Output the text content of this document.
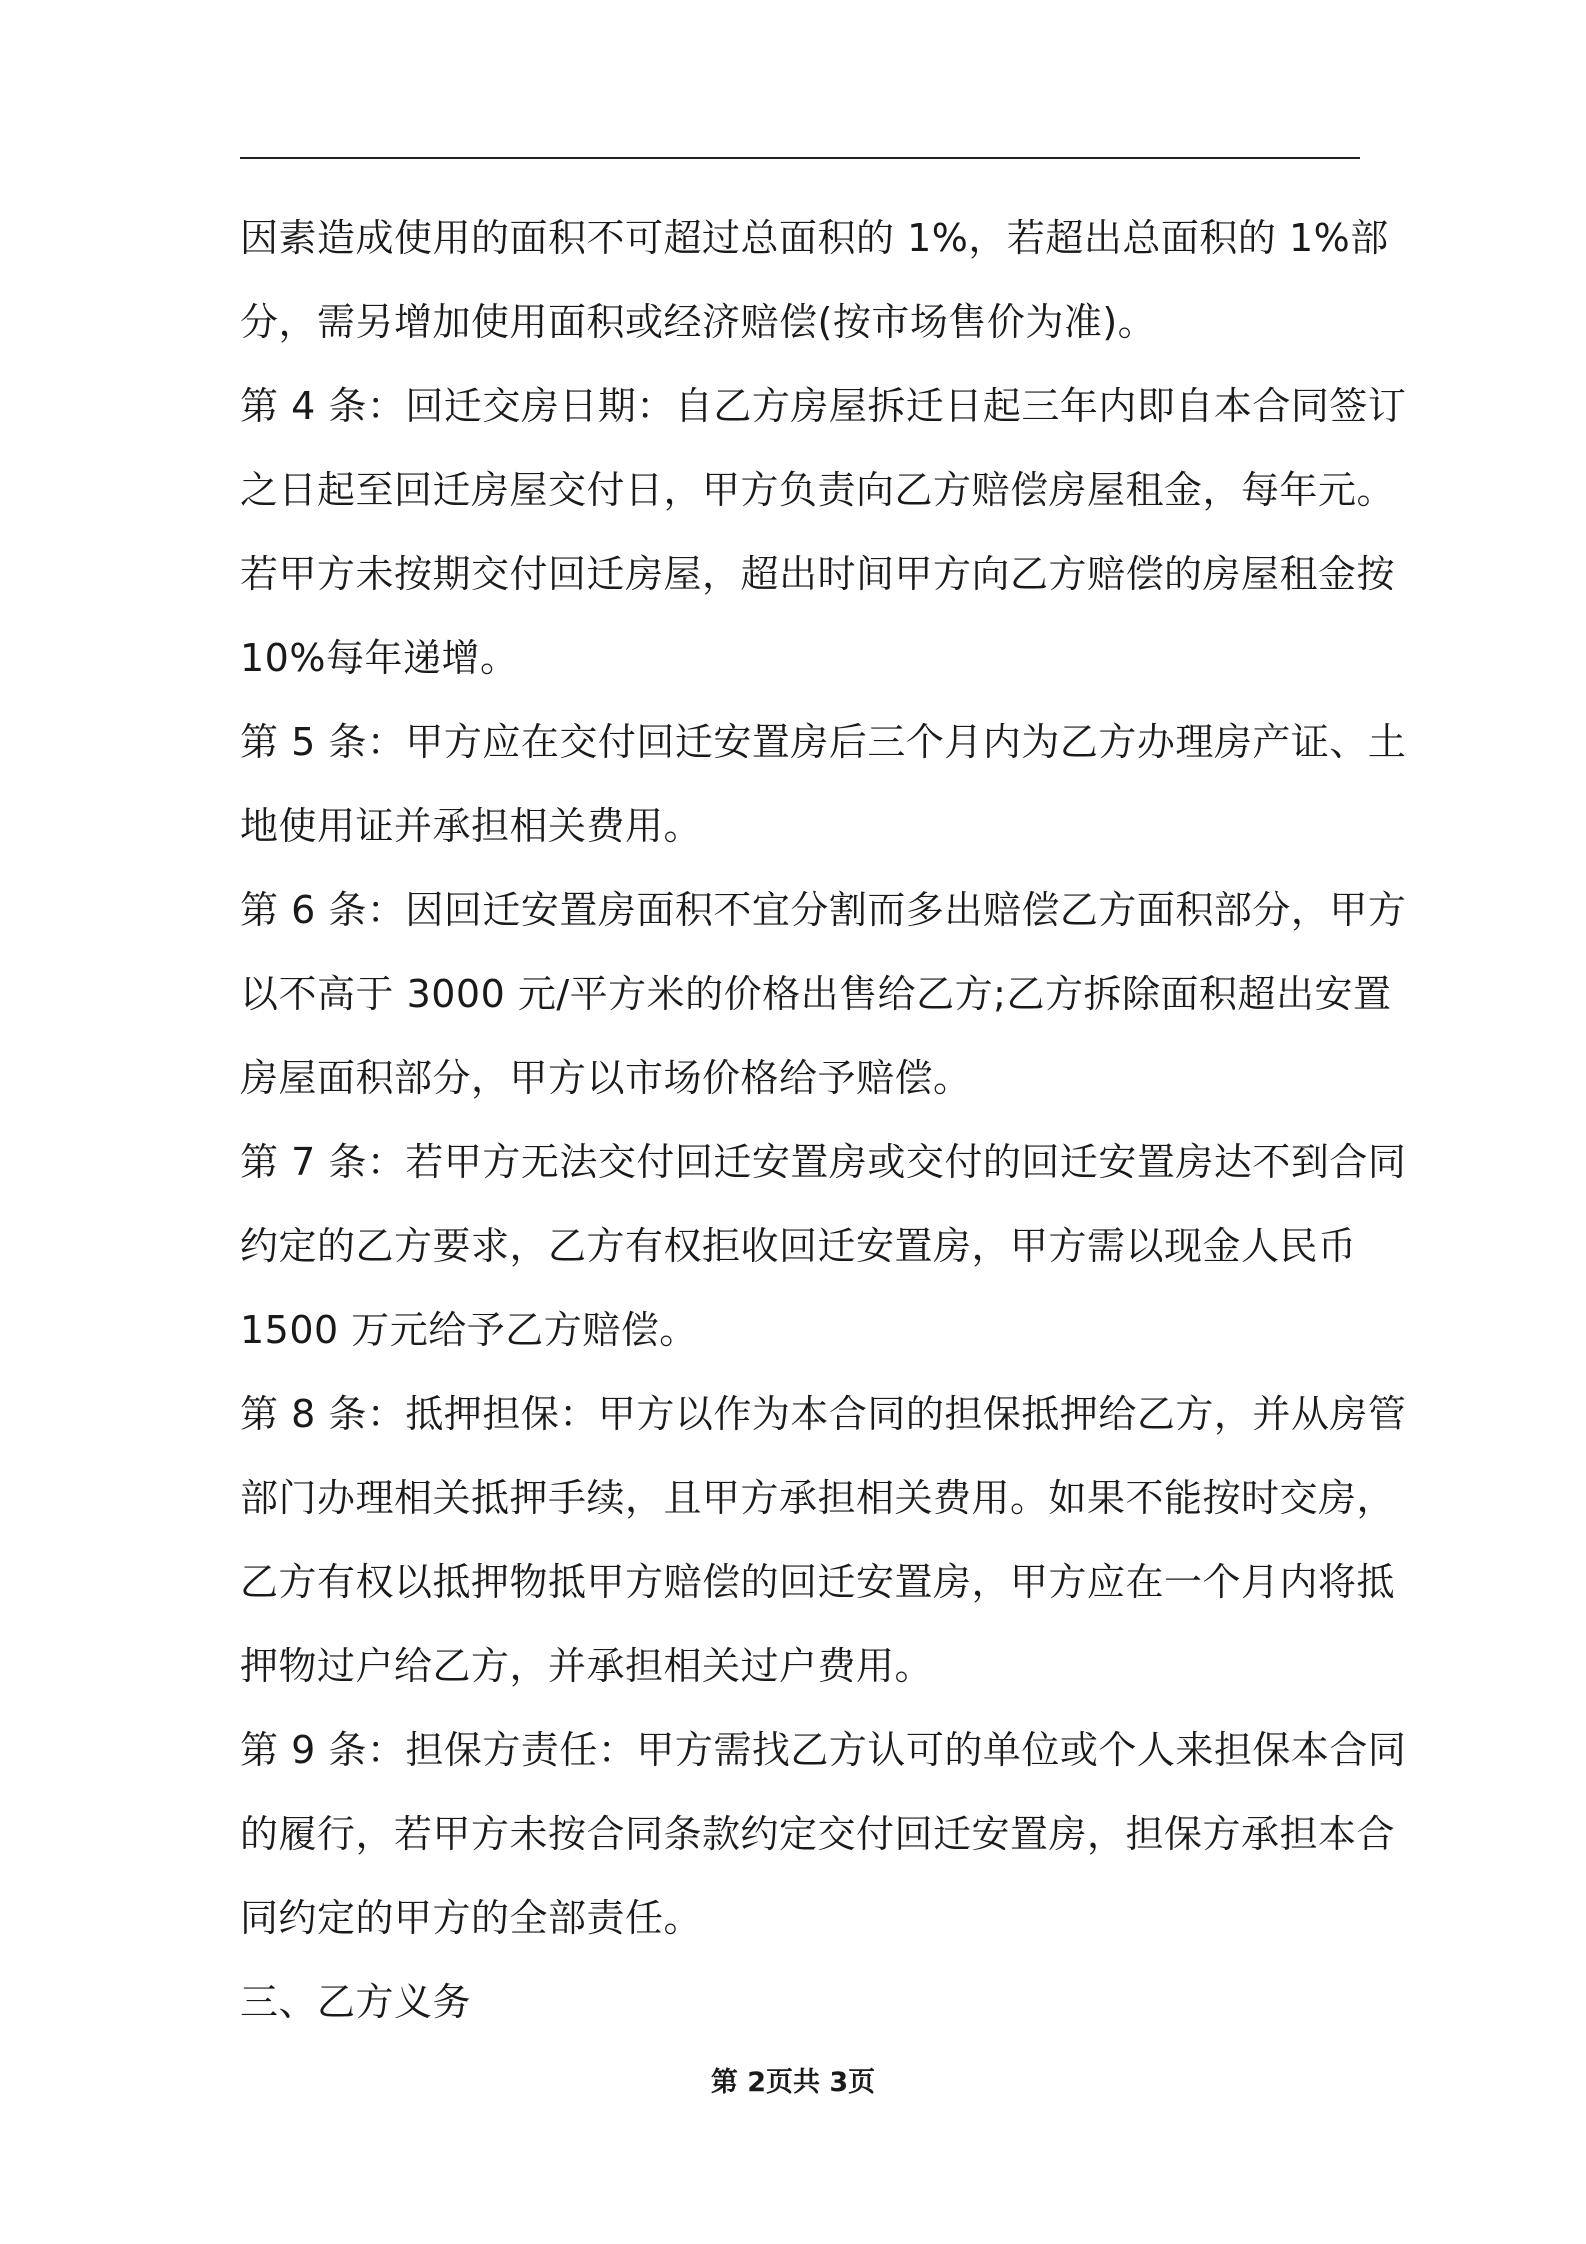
因素造成使用的面积不可超过总面积的 1%，若超出总面积的 1%部
分，需另增加使用面积或经济赔偿(按市场售价为准)。
第 4 条：回迁交房日期：自乙方房屋拆迁日起三年内即自本合同签订
之日起至回迁房屋交付日，甲方负责向乙方赔偿房屋租金，每年元。
若甲方未按期交付回迁房屋，超出时间甲方向乙方赔偿的房屋租金按
10%每年递增。
第 5 条：甲方应在交付回迁安置房后三个月内为乙方办理房产证、土
地使用证并承担相关费用。
第 6 条：因回迁安置房面积不宜分割而多出赔偿乙方面积部分，甲方
以不高于 3000 元/平方米的价格出售给乙方;乙方拆除面积超出安置
房屋面积部分，甲方以市场价格给予赔偿。
第 7 条：若甲方无法交付回迁安置房或交付的回迁安置房达不到合同
约定的乙方要求，乙方有权拒收回迁安置房，甲方需以现金人民币
1500 万元给予乙方赔偿。
第 8 条：抵押担保：甲方以作为本合同的担保抵押给乙方，并从房管
部门办理相关抵押手续，且甲方承担相关费用。如果不能按时交房，
乙方有权以抵押物抵甲方赔偿的回迁安置房，甲方应在一个月内将抵
押物过户给乙方，并承担相关过户费用。
第 9 条：担保方责任：甲方需找乙方认可的单位或个人来担保本合同
的履行，若甲方未按合同条款约定交付回迁安置房，担保方承担本合
同约定的甲方的全部责任。
三、乙方义务
第 2页共 3页
